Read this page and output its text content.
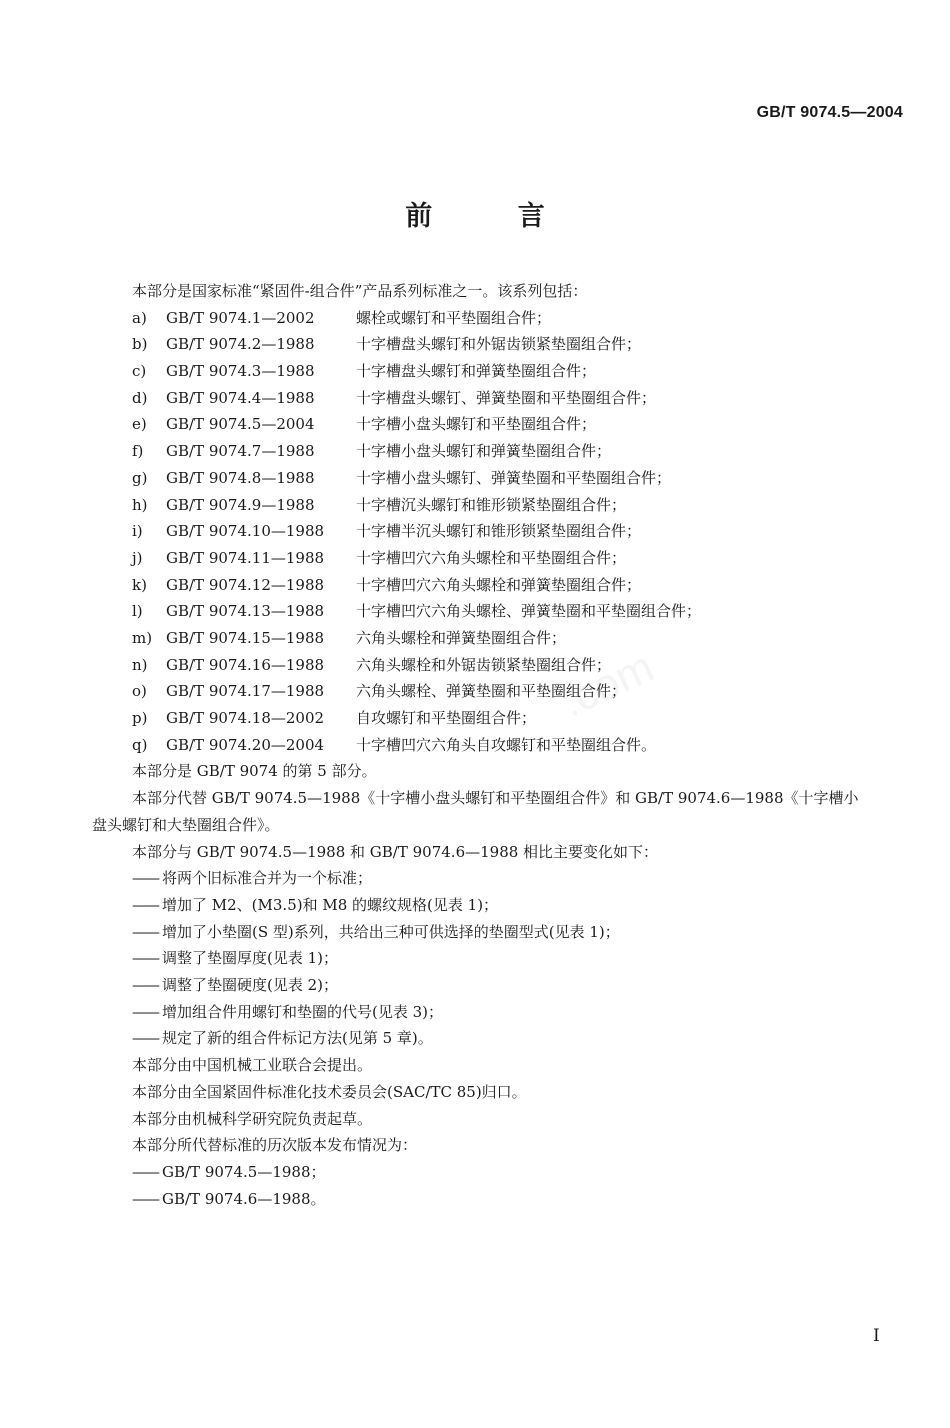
GB/T 9074.5—2004
前 言
.com
本部分是国家标准“紧固件-组合件”产品系列标准之一。该系列包括：
a) GB/T 9074.1—2002	螺栓或螺钉和平垫圈组合件；
b) GB/T 9074.2—1988	十字槽盘头螺钉和外锯齿锁紧垫圈组合件；
c) GB/T 9074.3—1988	十字槽盘头螺钉和弹簧垫圈组合件；
d) GB/T 9074.4—1988	十字槽盘头螺钉、弹簧垫圈和平垫圈组合件；
e) GB/T 9074.5—2004	十字槽小盘头螺钉和平垫圈组合件；
f) GB/T 9074.7—1988	十字槽小盘头螺钉和弹簧垫圈组合件；
g) GB/T 9074.8—1988	十字槽小盘头螺钉、弹簧垫圈和平垫圈组合件；
h) GB/T 9074.9—1988	十字槽沉头螺钉和锥形锁紧垫圈组合件；
i) GB/T 9074.10—1988 十字槽半沉头螺钉和锥形锁紧垫圈组合件；
j) GB/T 9074.11—1988 十字槽凹穴六角头螺栓和平垫圈组合件；
k) GB/T 9074.12—1988 十字槽凹穴六角头螺栓和弹簧垫圈组合件；
l) GB/T 9074.13—1988 十字槽凹穴六角头螺栓、弹簧垫圈和平垫圈组合件；
m) GB/T 9074.15—1988 六角头螺栓和弹簧垫圈组合件；
n) GB/T 9074.16—1988 六角头螺栓和外锯齿锁紧垫圈组合件；
o) GB/T 9074.17—1988 六角头螺栓、弹簧垫圈和平垫圈组合件；
p) GB/T 9074.18—2002 自攻螺钉和平垫圈组合件；
q) GB/T 9074.20—2004 十字槽凹穴六角头自攻螺钉和平垫圈组合件。
本部分是 GB/T 9074 的第 5 部分。
本部分代替 GB/T 9074.5—1988《十字槽小盘头螺钉和平垫圈组合件》和 GB/T 9074.6—1988《十字槽小盘头螺钉和大垫圈组合件》。
本部分与 GB/T 9074.5—1988 和 GB/T 9074.6—1988 相比主要变化如下：
—— 将两个旧标准合并为一个标准；
—— 增加了 M2、(M3.5)和 M8 的螺纹规格(见表 1)；
—— 增加了小垫圈(S 型)系列，共给出三种可供选择的垫圈型式(见表 1)；
—— 调整了垫圈厚度(见表 1)；
—— 调整了垫圈硬度(见表 2)；
—— 增加组合件用螺钉和垫圈的代号(见表 3)；
—— 规定了新的组合件标记方法(见第 5 章)。
本部分由中国机械工业联合会提出。
本部分由全国紧固件标准化技术委员会(SAC/TC 85)归口。
本部分由机械科学研究院负责起草。
本部分所代替标准的历次版本发布情况为：
—— GB/T 9074.5—1988；
—— GB/T 9074.6—1988。
I
